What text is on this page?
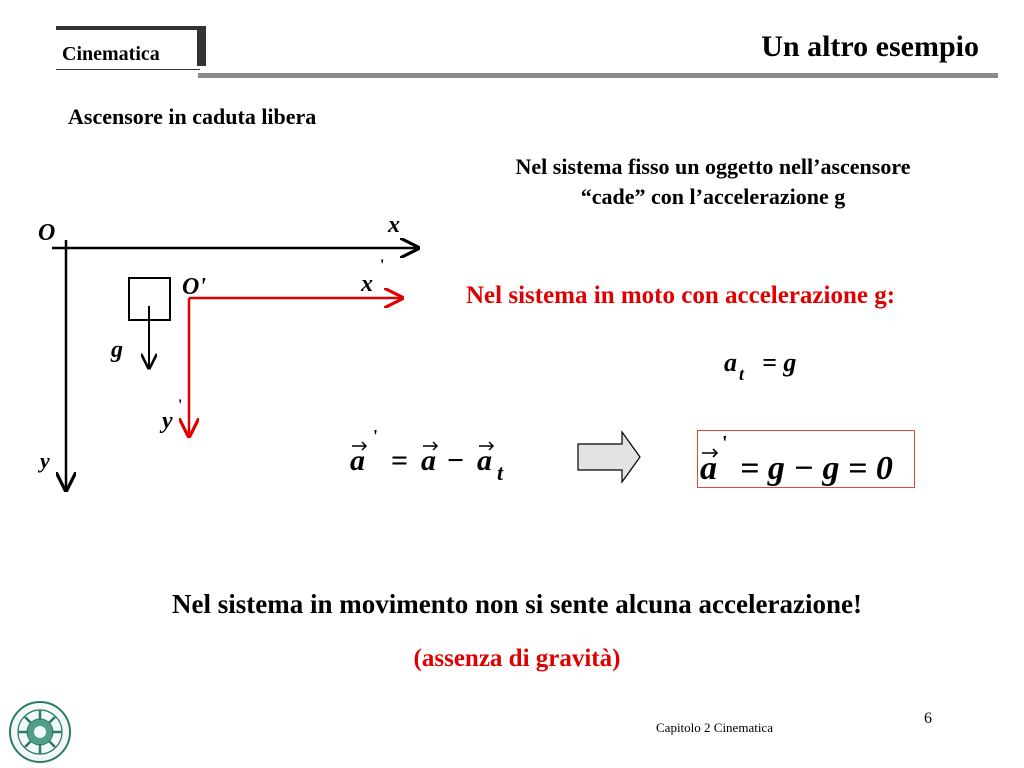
Cinematica	Un altro esempio
Ascensore in caduta libera
Nel sistema fisso un oggetto nell’ascensore
“cade” con l’accelerazione g
Nel sistema in moto con accelerazione g:
O	x
y
O'	x
'
y
'
g	a t = g
a
'
= a − a t	a
'
= g − g = 0
Nel sistema in movimento non si sente alcuna accelerazione!
(assenza di gravità)
Capitolo 2 Cinematica
6
